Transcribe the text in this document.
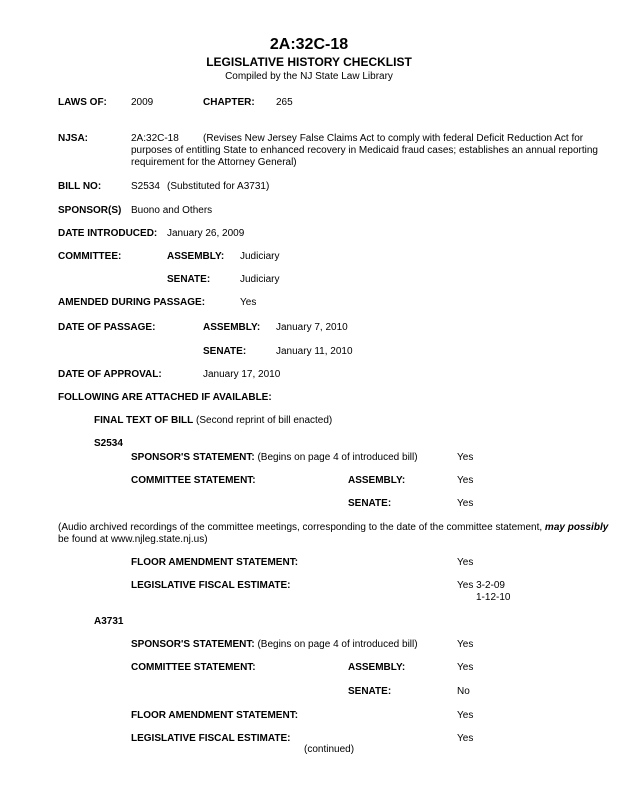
2A:32C-18
LEGISLATIVE HISTORY CHECKLIST
Compiled by the NJ State Law Library
LAWS OF: 2009	CHAPTER: 265
NJSA:	2A:32C-18 (Revises New Jersey False Claims Act to comply with federal Deficit Reduction Act for
purposes of entitling State to enhanced recovery in Medicaid fraud cases; establishes an annual reporting
requirement for the Attorney General)
BILL NO:	S2534 (Substituted for A3731)
SPONSOR(S) Buono and Others
DATE INTRODUCED: January 26, 2009
COMMITTEE:	ASSEMBLY: Judiciary
SENATE:	Judiciary
AMENDED DURING PASSAGE:	Yes
DATE OF PASSAGE:	ASSEMBLY: January 7, 2010
SENATE:	January 11, 2010
DATE OF APPROVAL:	January 17, 2010
FOLLOWING ARE ATTACHED IF AVAILABLE:
FINAL TEXT OF BILL (Second reprint of bill enacted)
S2534
SPONSOR'S STATEMENT: (Begins on page 4 of introduced bill)	Yes
COMMITTEE STATEMENT:	ASSEMBLY:	Yes
SENATE:	Yes
(Audio archived recordings of the committee meetings, corresponding to the date of the committee statement, may possibly
be found at www.njleg.state.nj.us)
FLOOR AMENDMENT STATEMENT:	Yes
LEGISLATIVE FISCAL ESTIMATE:	Yes 3-2-09
1-12-10
A3731
SPONSOR'S STATEMENT: (Begins on page 4 of introduced bill)	Yes
COMMITTEE STATEMENT:	ASSEMBLY:	Yes
SENATE:	No
FLOOR AMENDMENT STATEMENT:	Yes
LEGISLATIVE FISCAL ESTIMATE:	Yes
(continued)
